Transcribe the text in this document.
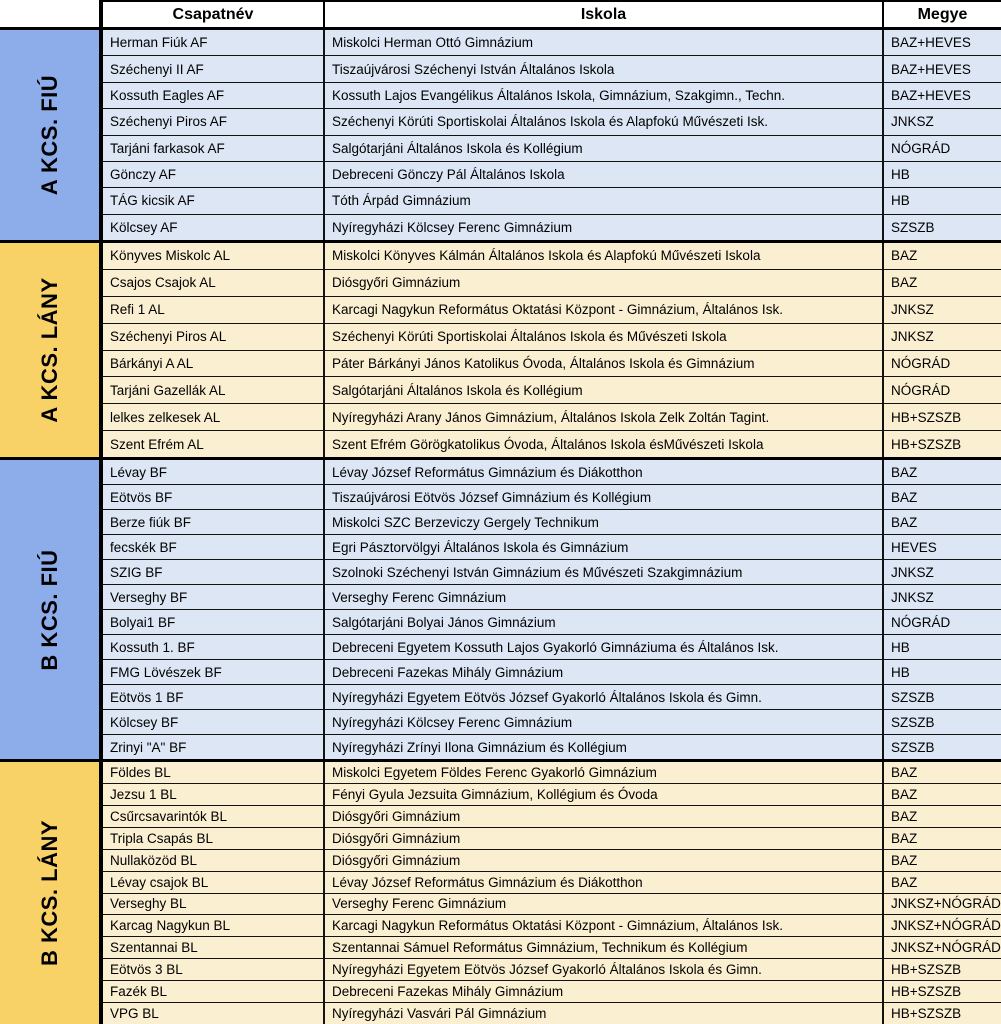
Csapatnév	Iskola	Megye
A KCS. FIÚ
Herman Fiúk AF	Miskolci Herman Ottó Gimnázium	BAZ+HEVES
Széchenyi II AF	Tiszaújvárosi Széchenyi István Általános Iskola	BAZ+HEVES
Kossuth Eagles AF	Kossuth Lajos Evangélikus Általános Iskola, Gimnázium, Szakgimn., Techn.	BAZ+HEVES
Széchenyi Piros AF	Széchenyi Körúti Sportiskolai Általános Iskola és Alapfokú Művészeti Isk.	JNKSZ
Tarjáni farkasok AF	Salgótarjáni Általános Iskola és Kollégium	NÓGRÁD
Gönczy AF	Debreceni Gönczy Pál Általános Iskola	HB
TÁG kicsik AF	Tóth Árpád Gimnázium	HB
Kölcsey AF	Nyíregyházi Kölcsey Ferenc Gimnázium	SZSZB
A KCS. LÁNY
Könyves Miskolc AL	Miskolci Könyves Kálmán Általános Iskola és Alapfokú Művészeti Iskola	BAZ
Csajos Csajok AL	Diósgyőri Gimnázium	BAZ
Refi 1 AL	Karcagi Nagykun Református Oktatási Központ - Gimnázium, Általános Isk.	JNKSZ
Széchenyi Piros AL	Széchenyi Körúti Sportiskolai Általános Iskola és Művészeti Iskola	JNKSZ
Bárkányi A AL	Páter Bárkányi János Katolikus Óvoda, Általános Iskola és Gimnázium	NÓGRÁD
Tarjáni Gazellák AL	Salgótarjáni Általános Iskola és Kollégium	NÓGRÁD
lelkes zelkesek AL	Nyíregyházi Arany János Gimnázium, Általános Iskola Zelk Zoltán Tagint.	HB+SZSZB
Szent Efrém AL	Szent Efrém Görögkatolikus Óvoda, Általános Iskola ésMűvészeti Iskola	HB+SZSZB
B KCS. FIÚ
Lévay BF	Lévay József Református Gimnázium és Diákotthon	BAZ
Eötvös BF	Tiszaújvárosi Eötvös József Gimnázium és Kollégium	BAZ
Berze fiúk BF	Miskolci SZC Berzeviczy Gergely Technikum	BAZ
fecskék BF	Egri Pásztorvölgyi Általános Iskola és Gimnázium	HEVES
SZIG BF	Szolnoki Széchenyi István Gimnázium és Művészeti Szakgimnázium	JNKSZ
Verseghy BF	Verseghy Ferenc Gimnázium	JNKSZ
Bolyai1 BF	Salgótarjáni Bolyai János Gimnázium	NÓGRÁD
Kossuth 1. BF	Debreceni Egyetem Kossuth Lajos Gyakorló Gimnáziuma és Általános Isk.	HB
FMG Lövészek BF	Debreceni Fazekas Mihály Gimnázium	HB
Eötvös 1 BF	Nyíregyházi Egyetem Eötvös József Gyakorló Általános Iskola és Gimn.	SZSZB
Kölcsey BF	Nyíregyházi Kölcsey Ferenc Gimnázium	SZSZB
Zrinyi "A" BF	Nyíregyházi Zrínyi Ilona Gimnázium és Kollégium	SZSZB
B KCS. LÁNY
Földes BL	Miskolci Egyetem Földes Ferenc Gyakorló Gimnázium	BAZ
Jezsu 1 BL	Fényi Gyula Jezsuita Gimnázium, Kollégium és Óvoda	BAZ
Csűrcsavarintók BL	Diósgyőri Gimnázium	BAZ
Tripla Csapás BL	Diósgyőri Gimnázium	BAZ
Nullaközöd BL	Diósgyőri Gimnázium	BAZ
Lévay csajok BL	Lévay József Református Gimnázium és Diákotthon	BAZ
Verseghy BL	Verseghy Ferenc Gimnázium	JNKSZ+NÓGRÁD
Karcag Nagykun BL	Karcagi Nagykun Református Oktatási Központ - Gimnázium, Általános Isk.	JNKSZ+NÓGRÁD
Szentannai BL	Szentannai Sámuel Református Gimnázium, Technikum és Kollégium	JNKSZ+NÓGRÁD
Eötvös 3 BL	Nyíregyházi Egyetem Eötvös József Gyakorló Általános Iskola és Gimn.	HB+SZSZB
Fazék BL	Debreceni Fazekas Mihály Gimnázium	HB+SZSZB
VPG BL	Nyíregyházi Vasvári Pál Gimnázium	HB+SZSZB
